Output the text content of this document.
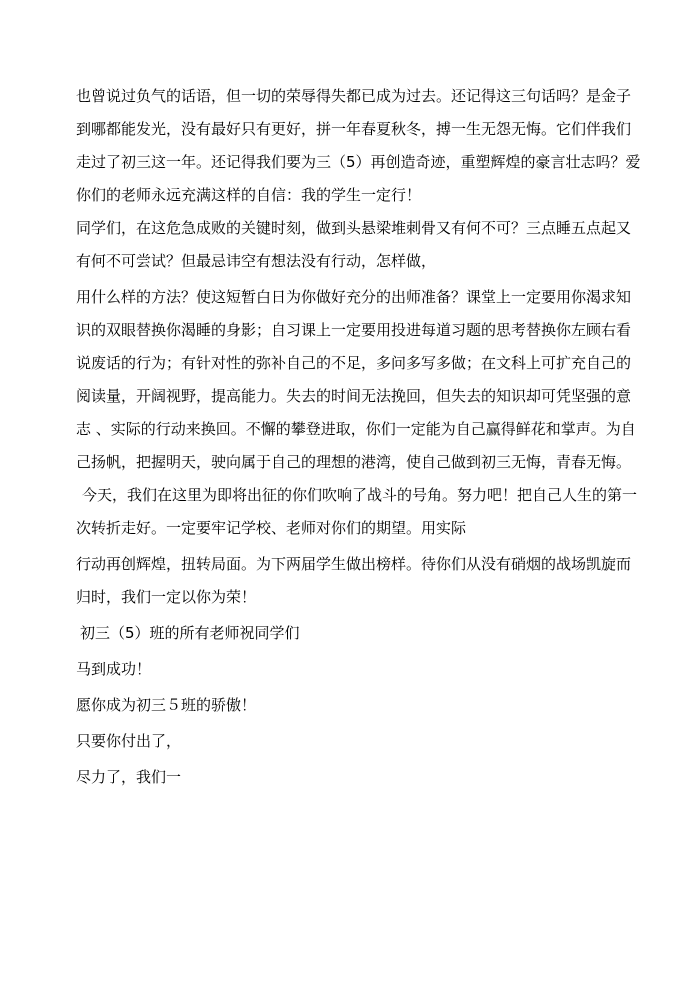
也曾说过负气的话语，但一切的荣辱得失都已成为过去。还记得这三句话吗？是金子
到哪都能发光，没有最好只有更好，拼一年春夏秋冬，搏一生无怨无悔。它们伴我们
走过了初三这一年。还记得我们要为三（5）再创造奇迹，重塑辉煌的豪言壮志吗？爱
你们的老师永远充满这样的自信：我的学生一定行！
同学们，在这危急成败的关键时刻，做到头悬梁堆刺骨又有何不可？三点睡五点起又
有何不可尝试？但最忌讳空有想法没有行动，怎样做，
用什么样的方法？使这短暂白日为你做好充分的出师准备？课堂上一定要用你渴求知
识的双眼替换你渴睡的身影；自习课上一定要用投进每道习题的思考替换你左顾右看
说废话的行为；有针对性的弥补自己的不足，多问多写多做；在文科上可扩充自己的
阅读量，开阔视野，提高能力。失去的时间无法挽回，但失去的知识却可凭坚强的意
志 、实际的行动来换回。不懈的攀登进取，你们一定能为自己赢得鲜花和掌声。为自
己扬帆，把握明天，驶向属于自己的理想的港湾，使自己做到初三无悔，青春无悔。
今天，我们在这里为即将出征的你们吹响了战斗的号角。努力吧！把自己人生的第一
次转折走好。一定要牢记学校、老师对你们的期望。用实际
行动再创辉煌，扭转局面。为下两届学生做出榜样。待你们从没有硝烟的战场凯旋而
归时，我们一定以你为荣！
初三（5）班的所有老师祝同学们
马到成功！
愿你成为初三５班的骄傲！
只要你付出了，
尽力了，我们一
